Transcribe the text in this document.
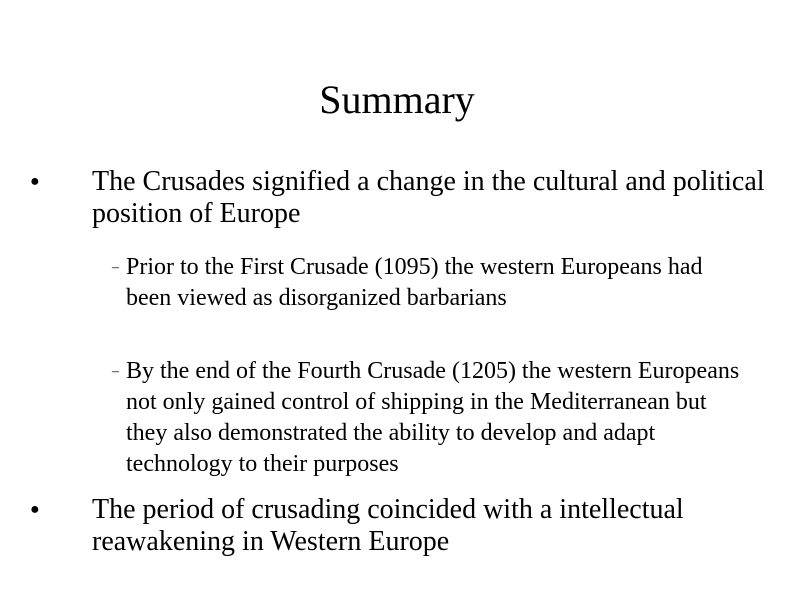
Summary
●	The Crusades signified a change in the cultural and political position of Europe

– Prior to the First Crusade (1095) the western Europeans had been viewed as disorganized barbarians

– By the end of the Fourth Crusade (1205) the western Europeans not only gained control of shipping in the Mediterranean but they also demonstrated the ability to develop and adapt technology to their purposes

●	The period of crusading coincided with a intellectual reawakening in Western Europe
